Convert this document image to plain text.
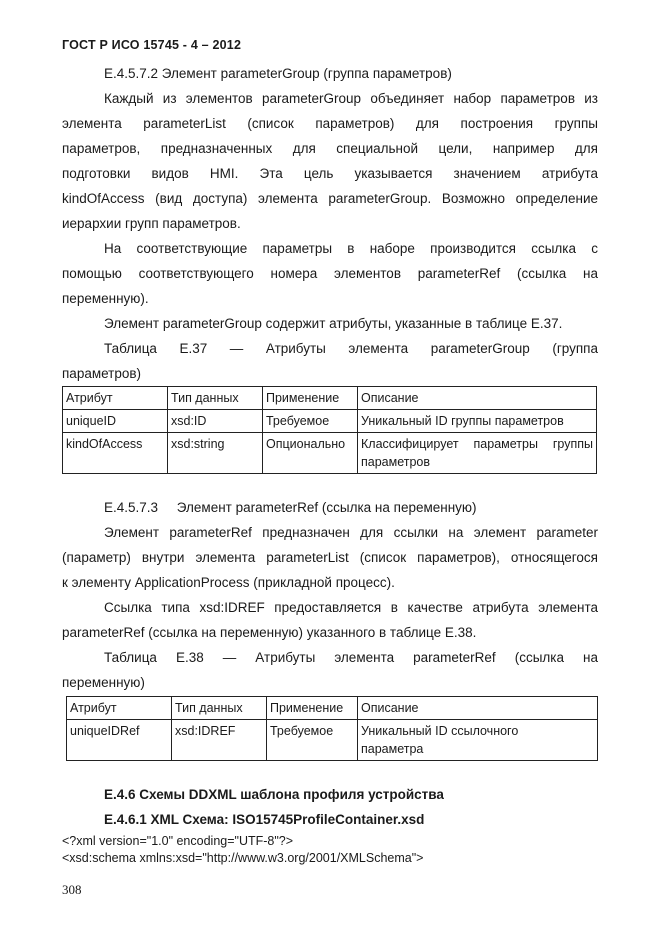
ГОСТ Р ИСО 15745 - 4 – 2012
E.4.5.7.2 Элемент parameterGroup (группа параметров)
Каждый из элементов parameterGroup объединяет набор параметров из
элемента parameterList (список параметров) для построения группы
параметров, предназначенных для специальной цели, например для
подготовки видов HMI. Эта цель указывается значением атрибута
kindOfAccess (вид доступа) элемента parameterGroup. Возможно определение
иерархии групп параметров.
На соответствующие параметры в наборе производится ссылка с
помощью соответствующего номера элементов parameterRef (ссылка на
переменную).
Элемент parameterGroup содержит атрибуты, указанные в таблице E.37.
Таблица E.37 — Атрибуты элемента parameterGroup (группа
параметров)
Атрибут	Тип данных	Применение	Описание
uniqueID	xsd:ID	Требуемое	Уникальный ID группы параметров
kindOfAccess	xsd:string	Опционально	Классифицирует параметры группы
параметров
E.4.5.7.3     Элемент parameterRef (ссылка на переменную)
Элемент parameterRef предназначен для ссылки на элемент parameter
(параметр) внутри элемента parameterList (список параметров), относящегося
к элементу ApplicationProcess (прикладной процесс).
Ссылка типа xsd:IDREF предоставляется в качестве атрибута элемента
parameterRef (ссылка на переменную) указанного в таблице E.38.
Таблица E.38 — Атрибуты элемента parameterRef (ссылка на
переменную)
Атрибут	Тип данных	Применение	Описание
uniqueIDRef	xsd:IDREF	Требуемое	Уникальный ID ссылочного
параметра
E.4.6 Схемы DDXML шаблона профиля устройства
E.4.6.1 XML Схема: ISO15745ProfileContainer.xsd
<?xml version="1.0" encoding="UTF-8"?>
<xsd:schema xmlns:xsd="http://www.w3.org/2001/XMLSchema">
308
